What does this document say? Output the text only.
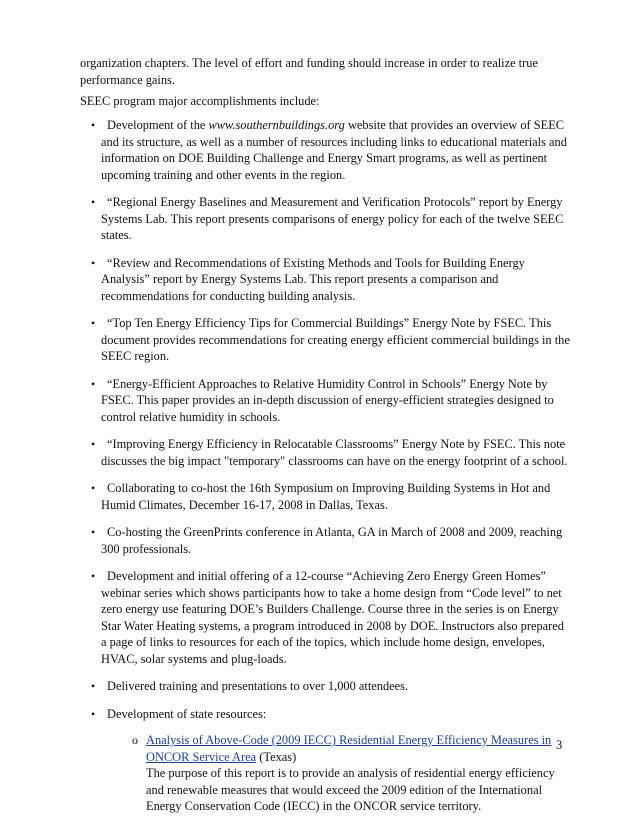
organization chapters. The level of effort and funding should increase in order to realize true performance gains.

SEEC program major accomplishments include:

• Development of the www.southernbuildings.org website that provides an overview of SEEC and its structure, as well as a number of resources including links to educational materials and information on DOE Building Challenge and Energy Smart programs, as well as pertinent upcoming training and other events in the region.
• “Regional Energy Baselines and Measurement and Verification Protocols” report by Energy Systems Lab. This report presents comparisons of energy policy for each of the twelve SEEC states.
• “Review and Recommendations of Existing Methods and Tools for Building Energy Analysis” report by Energy Systems Lab. This report presents a comparison and recommendations for conducting building analysis.
• “Top Ten Energy Efficiency Tips for Commercial Buildings” Energy Note by FSEC. This document provides recommendations for creating energy efficient commercial buildings in the SEEC region.
• “Energy-Efficient Approaches to Relative Humidity Control in Schools” Energy Note by FSEC. This paper provides an in-depth discussion of energy-efficient strategies designed to control relative humidity in schools.
• “Improving Energy Efficiency in Relocatable Classrooms” Energy Note by FSEC. This note discusses the big impact "temporary" classrooms can have on the energy footprint of a school.
• Collaborating to co-host the 16th Symposium on Improving Building Systems in Hot and Humid Climates, December 16-17, 2008 in Dallas, Texas.
• Co-hosting the GreenPrints conference in Atlanta, GA in March of 2008 and 2009, reaching 300 professionals.
• Development and initial offering of a 12-course “Achieving Zero Energy Green Homes” webinar series which shows participants how to take a home design from “Code level” to net zero energy use featuring DOE’s Builders Challenge. Course three in the series is on Energy Star Water Heating systems, a program introduced in 2008 by DOE. Instructors also prepared a page of links to resources for each of the topics, which include home design, envelopes, HVAC, solar systems and plug-loads.
• Delivered training and presentations to over 1,000 attendees.
• Development of state resources:
o Analysis of Above-Code (2009 IECC) Residential Energy Efficiency Measures in ONCOR Service Area (Texas)
The purpose of this report is to provide an analysis of residential energy efficiency and renewable measures that would exceed the 2009 edition of the International Energy Conservation Code (IECC) in the ONCOR service territory.
3
